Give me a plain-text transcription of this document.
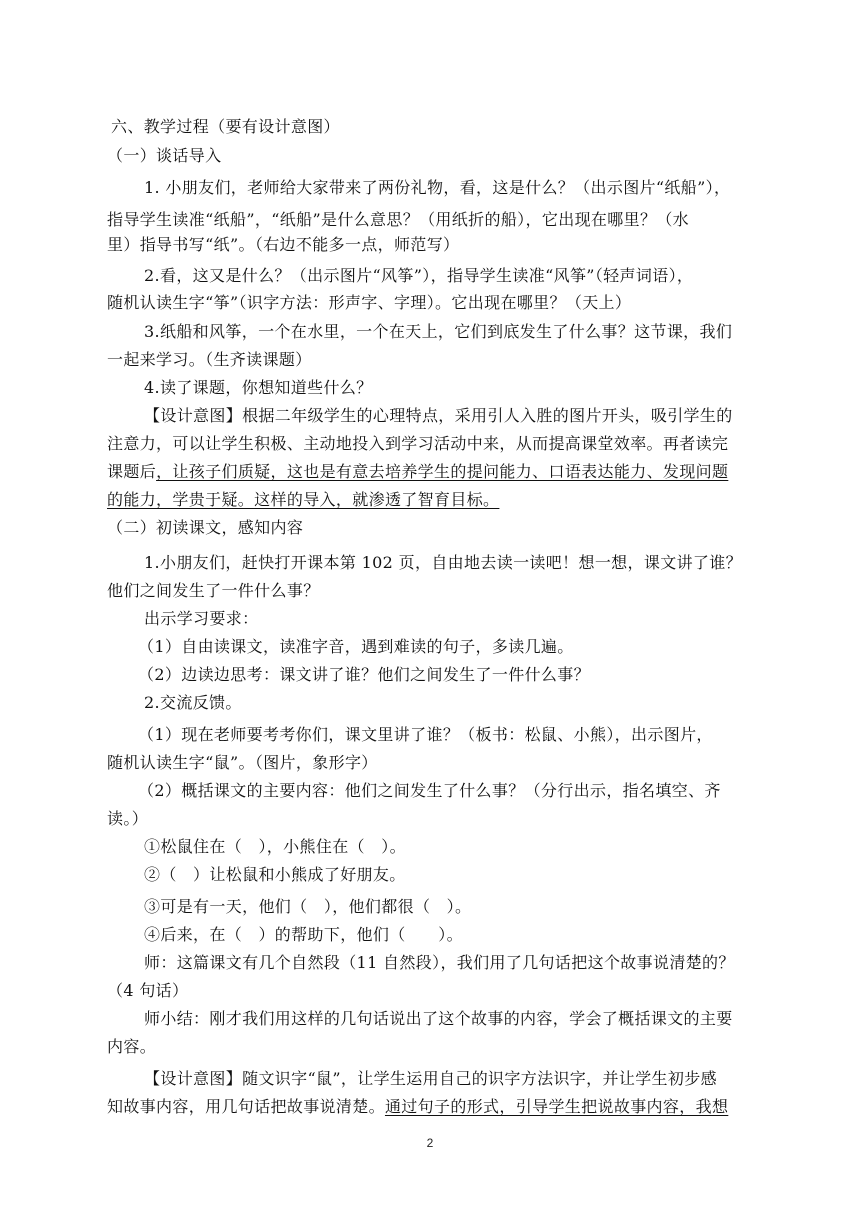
六、教学过程（要有设计意图）
（一）谈话导入
1. 小朋友们，老师给大家带来了两份礼物，看，这是什么？（出示图片“纸船”），
指导学生读准“纸船”，“纸船”是什么意思？（用纸折的船），它出现在哪里？（水
里）指导书写“纸”。（右边不能多一点，师范写）
2.看，这又是什么？（出示图片“风筝”），指导学生读准“风筝”（轻声词语），
随机认读生字“筝”（识字方法：形声字、字理）。它出现在哪里？（天上）
3.纸船和风筝，一个在水里，一个在天上，它们到底发生了什么事？这节课，我们
一起来学习。（生齐读课题）
4.读了课题，你想知道些什么？
【设计意图】根据二年级学生的心理特点，采用引人入胜的图片开头，吸引学生的
注意力，可以让学生积极、主动地投入到学习活动中来，从而提高课堂效率。再者读完
课题后，让孩子们质疑，这也是有意去培养学生的提问能力、口语表达能力、发现问题
的能力，学贵于疑。这样的导入，就渗透了智育目标。
（二）初读课文，感知内容
1.小朋友们，赶快打开课本第 102 页，自由地去读一读吧！想一想，课文讲了谁？
他们之间发生了一件什么事？
出示学习要求：
（1）自由读课文，读准字音，遇到难读的句子，多读几遍。
（2）边读边思考：课文讲了谁？他们之间发生了一件什么事？
2.交流反馈。
（1）现在老师要考考你们，课文里讲了谁？（板书：松鼠、小熊），出示图片，
随机认读生字“鼠”。（图片，象形字）
（2）概括课文的主要内容：他们之间发生了什么事？（分行出示，指名填空、齐
读。）
①松鼠住在（　），小熊住在（　）。
②（　）让松鼠和小熊成了好朋友。
③可是有一天，他们（　），他们都很（　）。
④后来，在（　）的帮助下，他们（　　）。
师：这篇课文有几个自然段（11 自然段），我们用了几句话把这个故事说清楚的？
（4 句话）
师小结：刚才我们用这样的几句话说出了这个故事的内容，学会了概括课文的主要
内容。
【设计意图】随文识字“鼠”，让学生运用自己的识字方法识字，并让学生初步感
知故事内容，用几句话把故事说清楚。通过句子的形式，引导学生把说故事内容，我想
2
